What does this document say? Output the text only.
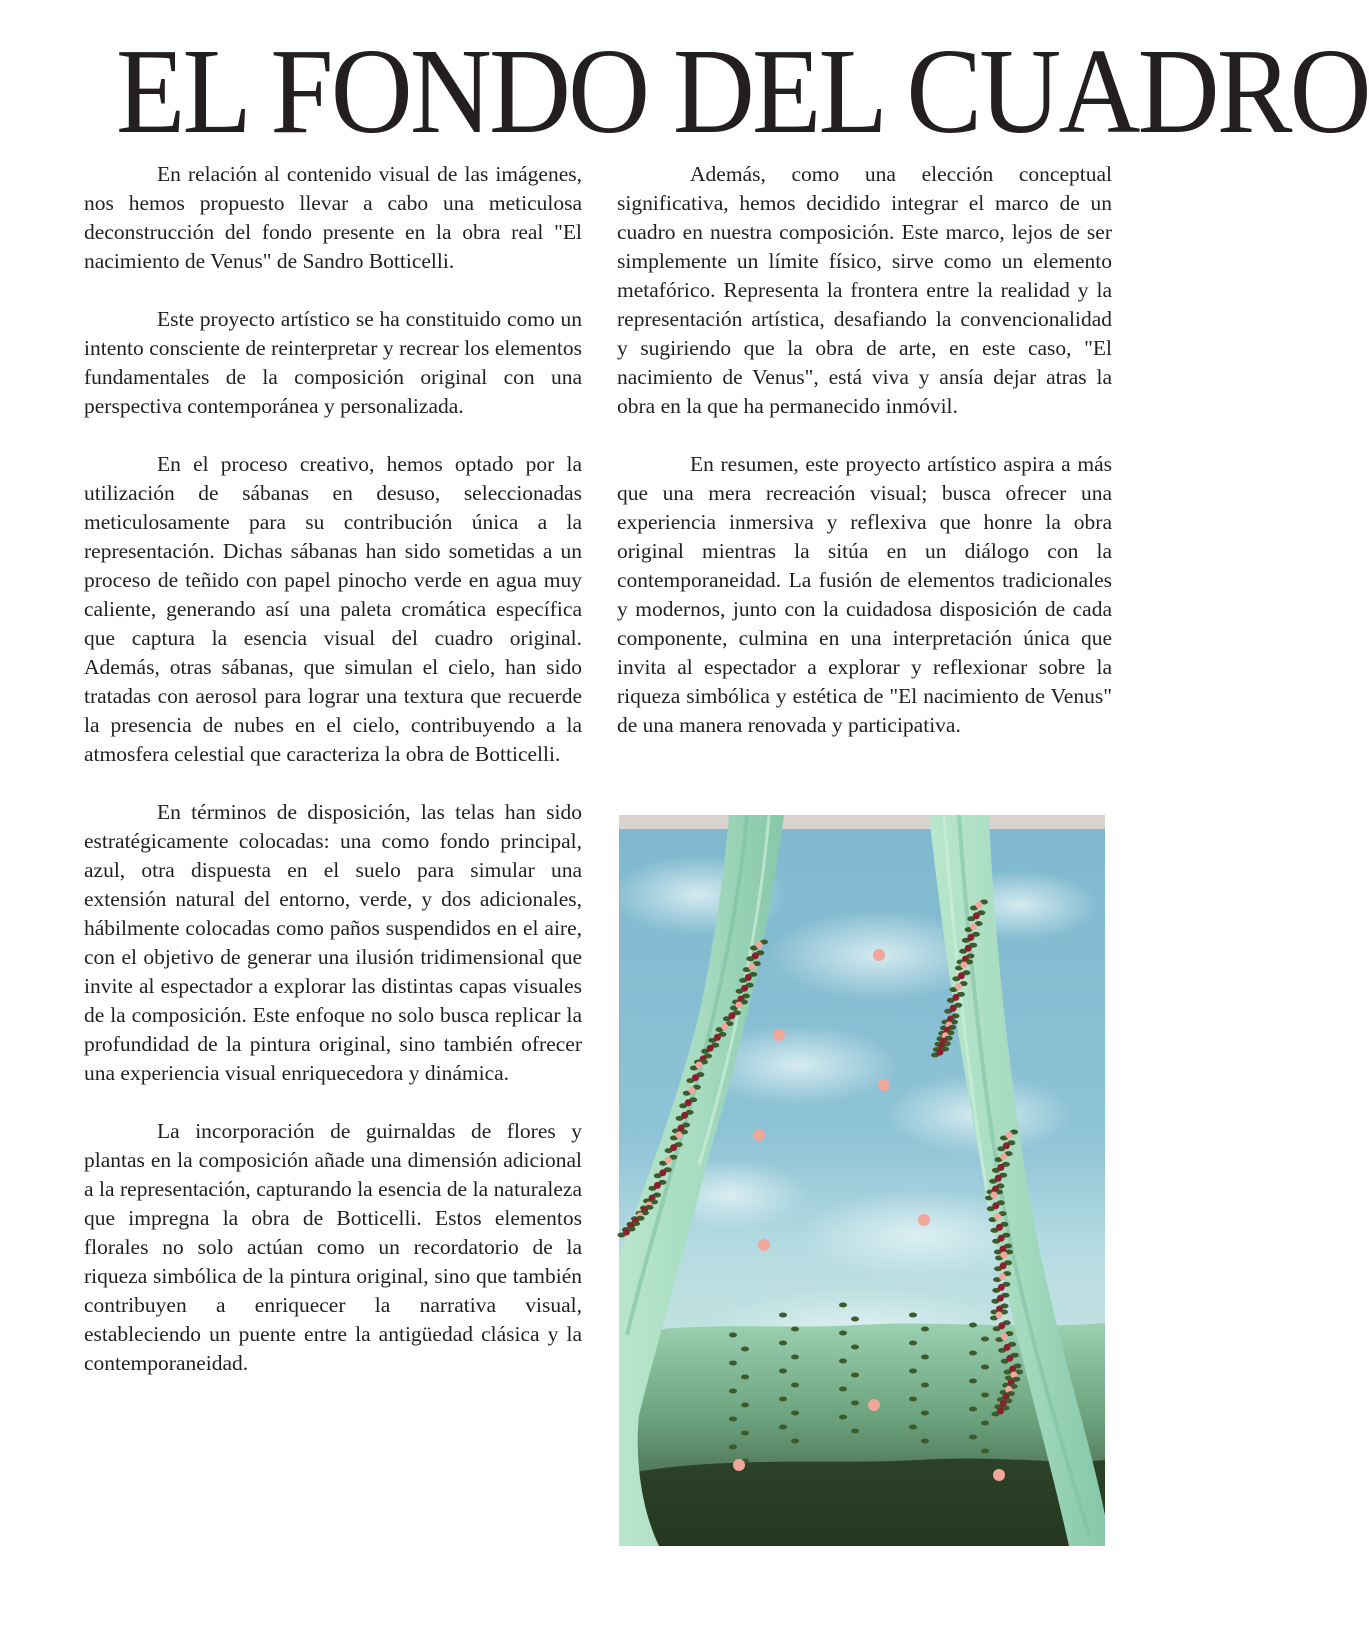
EL FONDO DEL CUADRO

En relación al contenido visual de las imágenes, nos hemos propuesto llevar a cabo una meticulosa deconstrucción del fondo presente en la obra real "El nacimiento de Venus" de Sandro Botticelli.

Este proyecto artístico se ha constituido como un intento consciente de reinterpretar y recrear los elementos fundamentales de la composición original con una perspectiva contemporánea y personalizada.

En el proceso creativo, hemos optado por la utilización de sábanas en desuso, seleccionadas meticulosamente para su contribución única a la representación. Dichas sábanas han sido sometidas a un proceso de teñido con papel pinocho verde en agua muy caliente, generando así una paleta cromática específica que captura la esencia visual del cuadro original. Además, otras sábanas, que simulan el cielo, han sido tratadas con aerosol para lograr una textura que recuerde la presencia de nubes en el cielo, contribuyendo a la atmosfera celestial que caracteriza la obra de Botticelli.

En términos de disposición, las telas han sido estratégicamente colocadas: una como fondo principal, azul, otra dispuesta en el suelo para simular una extensión natural del entorno, verde, y dos adicionales, hábilmente colocadas como paños suspendidos en el aire, con el objetivo de generar una ilusión tridimensional que invite al espectador a explorar las distintas capas visuales de la composición. Este enfoque no solo busca replicar la profundidad de la pintura original, sino también ofrecer una experiencia visual enriquecedora y dinámica.

La incorporación de guirnaldas de flores y plantas en la composición añade una dimensión adicional a la representación, capturando la esencia de la naturaleza que impregna la obra de Botticelli. Estos elementos florales no solo actúan como un recordatorio de la riqueza simbólica de la pintura original, sino que también contribuyen a enriquecer la narrativa visual, estableciendo un puente entre la antigüedad clásica y la contemporaneidad.

Además, como una elección conceptual significativa, hemos decidido integrar el marco de un cuadro en nuestra composición. Este marco, lejos de ser simplemente un límite físico, sirve como un elemento metafórico. Representa la frontera entre la realidad y la representación artística, desafiando la convencionalidad y sugiriendo que la obra de arte, en este caso, "El nacimiento de Venus", está viva y ansía dejar atras la obra en la que ha permanecido inmóvil.

En resumen, este proyecto artístico aspira a más que una mera recreación visual; busca ofrecer una experiencia inmersiva y reflexiva que honre la obra original mientras la sitúa en un diálogo con la contemporaneidad. La fusión de elementos tradicionales y modernos, junto con la cuidadosa disposición de cada componente, culmina en una interpretación única que invita al espectador a explorar y reflexionar sobre la riqueza simbólica y estética de "El nacimiento de Venus" de una manera renovada y participativa.
